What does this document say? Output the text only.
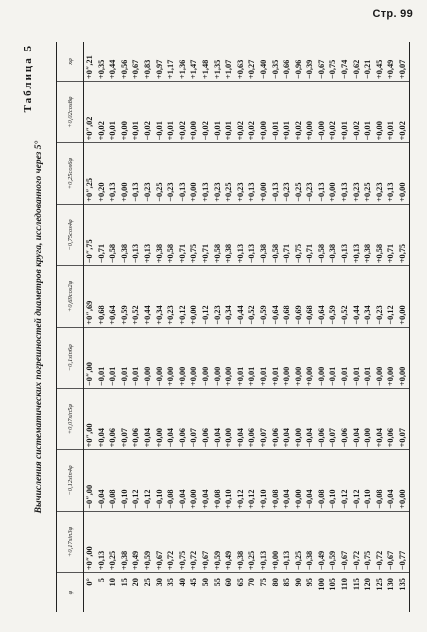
Стр. 99
Таблица 5
Вычисления систематических погрешностей диаметров круга, исследованного через 5°
φ	+0,17sin3φ	−0,12sin4φ	+0,07sin5φ	−0,1sin6φ	+0,69cos2φ	−0,75cos4φ	+0,25cos6φ	+0,02cos8φ	xφ
0°	+0″,00	−0″,00	+0″,00	−0″,00	+0″,69	−0″,75	+0″,25	+0″,02	+0″,21
5	+0,13	−0,04	+0,04	−0,01	+0,68	−0,71	+0,20	+0,02	+0,35
10	+0,25	−0,08	+0,06	−0,01	+0,64	−0,58	+0,13	+0,01	+0,44
15	+0,38	−0,10	+0,07	−0,01	+0,59	−0,38	+0,00	+0,00	+0,56
20	+0,49	−0,12	+0,06	−0,01	+0,52	−0,13	−0,13	+0,01	+0,67
25	+0,59	−0,12	+0,04	−0,00	+0,44	+0,13	−0,23	−0,02	+0,83
30	+0,67	−0,10	+0,00	−0,00	+0,34	+0,38	−0,25	−0,01	+0,97
35	+0,72	−0,08	−0,04	+0,00	+0,23	+0,58	−0,23	+0,01	+1,17
40	+0,75	−0,04	−0,06	+0,00	+0,12	+0,71	−0,13	+0,02	+1,36
45	+0,72	+0,00	−0,07	+0,00	+0,00	+0,75	+0,00	+0,00	+1,47
50	+0,67	+0,04	−0,06	−0,00	−0,12	+0,71	+0,13	−0,02	+1,48
55	+0,59	+0,08	−0,04	−0,00	−0,23	+0,58	+0,23	−0,01	+1,35
60	+0,49	+0,10	+0,00	+0,00	−0,34	+0,38	+0,25	+0,01	+1,07
65	+0,38	+0,12	+0,04	+0,01	−0,44	+0,13	+0,23	+0,02	+0,63
70	+0,25	+0,12	+0,06	+0,01	−0,52	−0,13	+0,13	+0,02	+0,27
75	+0,13	+0,10	+0,07	+0,01	−0,59	−0,38	+0,00	+0,00	−0,40
80	+0,00	+0,08	+0,06	+0,01	−0,64	−0,58	−0,13	−0,01	−0,35
85	−0,13	+0,04	+0,04	+0,00	−0,68	−0,71	−0,23	+0,01	−0,66
90	−0,25	+0,00	+0,00	+0,00	−0,69	−0,75	−0,25	+0,02	−0,96
95	−0,38	−0,04	−0,04	+0,00	−0,68	−0,71	−0,23	+0,00	−0,39
100	−0,49	−0,08	−0,06	−0,00	−0,64	−0,58	−0,13	−0,00	−0,67
105	−0,59	−0,10	−0,07	−0,01	−0,59	−0,38	+0,00	+0,02	−0,75
110	−0,67	−0,12	−0,06	−0,01	−0,52	−0,13	+0,13	+0,01	−0,74
115	−0,72	−0,12	−0,04	−0,01	−0,44	+0,13	+0,23	−0,02	−0,62
120	−0,75	−0,10	−0,00	−0,01	−0,34	+0,38	+0,25	−0,01	−0,21
125	−0,72	−0,08	+0,04	−0,00	−0,23	+0,58	+0,23	+0,00	+0,45
130	−0,67	−0,04	+0,06	+0,00	−0,12	+0,71	+0,13	+0,01	+0,49
135	−0,77	+0,00	+0,07	+0,00	+0,00	+0,75	+0,00	+0,02	+0,07
